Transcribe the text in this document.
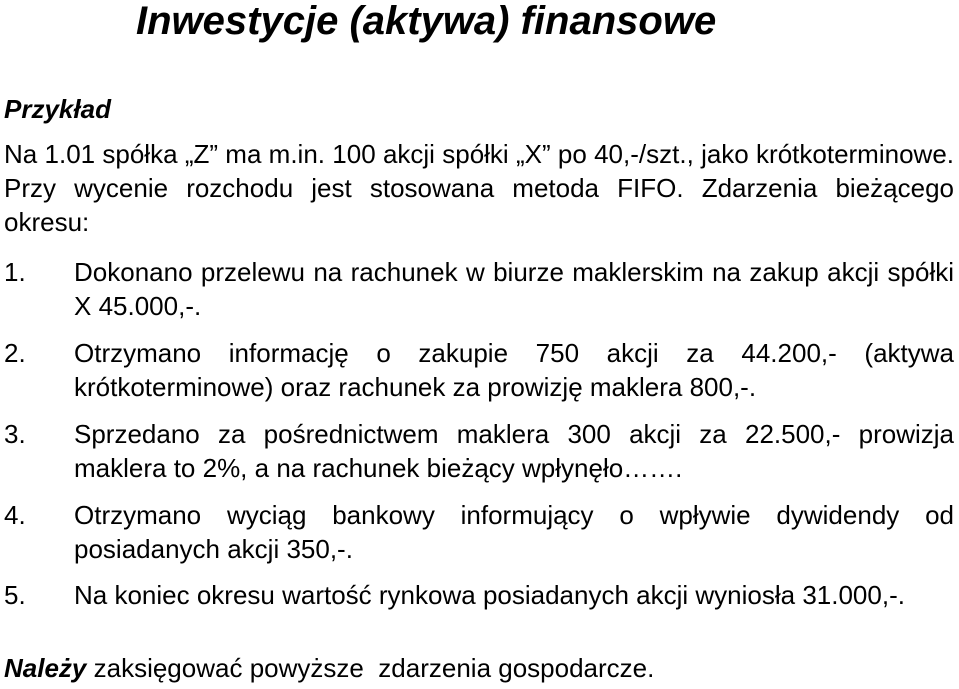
Inwestycje (aktywa) finansowe
Przykład

Na 1.01 spółka „Z” ma m.in. 100 akcji spółki „X” po 40,-/szt., jako krótkoterminowe. Przy wycenie rozchodu jest stosowana metoda FIFO. Zdarzenia bieżącego okresu:

1. Dokonano przelewu na rachunek w biurze maklerskim na zakup akcji spółki X 45.000,-.

2. Otrzymano informację o zakupie 750 akcji za 44.200,- (aktywa krótkoterminowe) oraz rachunek za prowizję maklera 800,-.

3. Sprzedano za pośrednictwem maklera 300 akcji za 22.500,- prowizja maklera to 2%, a na rachunek bieżący wpłynęło…….

4. Otrzymano wyciąg bankowy informujący o wpływie dywidendy od posiadanych akcji 350,-.

5. Na koniec okresu wartość rynkowa posiadanych akcji wyniosła 31.000,-.

Należy zaksięgować powyższe  zdarzenia gospodarcze.
